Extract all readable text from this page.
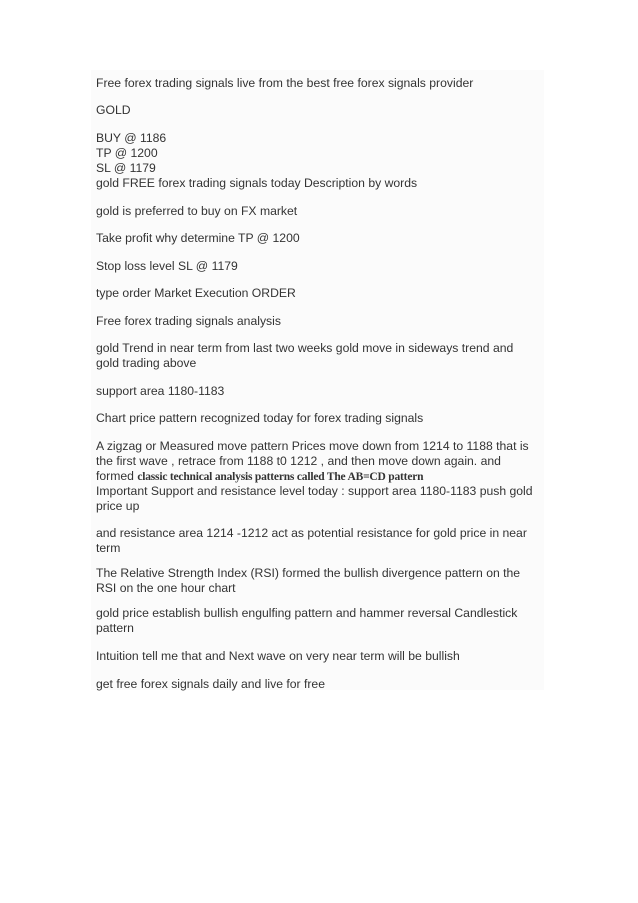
Free forex trading signals live from the best free forex signals provider
GOLD
BUY @ 1186
TP @ 1200
SL @ 1179
gold FREE forex trading signals today Description by words
gold is preferred to buy on FX market
Take profit why determine TP @ 1200
Stop loss level SL @ 1179
type order Market Execution ORDER
Free forex trading signals analysis
gold Trend in near term from last two weeks gold move in sideways trend and
gold trading above
support area 1180-1183
Chart price pattern recognized today for forex trading signals
A zigzag or Measured move pattern Prices move down from 1214 to 1188 that is
the first wave , retrace from 1188 t0 1212 , and then move down again. and
formed classic technical analysis patterns called The AB=CD pattern
Important Support and resistance level today : support area 1180-1183 push gold
price up
and resistance area 1214 -1212 act as potential resistance for gold price in near
term
The Relative Strength Index (RSI) formed the bullish divergence pattern on the
RSI on the one hour chart
gold price establish bullish engulfing pattern and hammer reversal Candlestick
pattern
Intuition tell me that and Next wave on very near term will be bullish
get free forex signals daily and live for free
